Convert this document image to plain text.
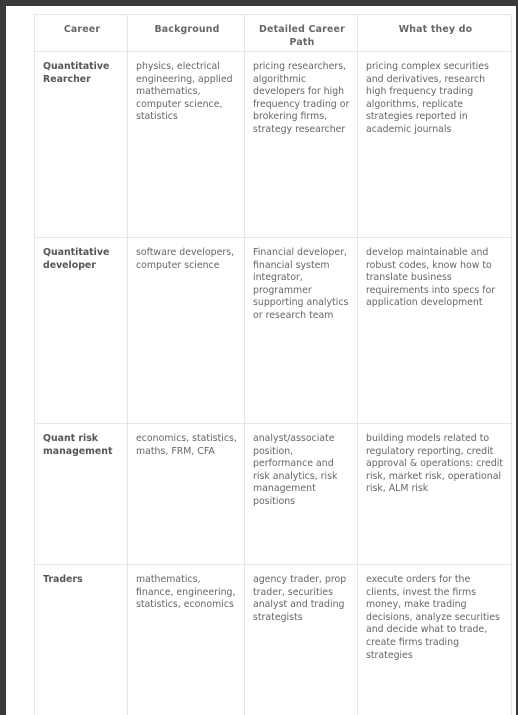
Career	Background	Detailed Career Path	What they do
Quantitative Rearcher	physics, electrical engineering, applied mathematics, computer science, statistics	pricing researchers, algorithmic developers for high frequency trading or brokering firms, strategy researcher	pricing complex securities and derivatives, research high frequency trading algorithms, replicate strategies reported in academic journals
Quantitative developer	software developers, computer science	Financial developer, financial system integrator, programmer supporting analytics or research team	develop maintainable and robust codes, know how to translate business requirements into specs for application development
Quant risk management	economics, statistics, maths, FRM, CFA	analyst/associate position, performance and risk analytics, risk management positions	building models related to regulatory reporting, credit approval & operations: credit risk, market risk, operational risk, ALM risk
Traders	mathematics, finance, engineering, statistics, economics	agency trader, prop trader, securities analyst and trading strategists	execute orders for the clients, invest the firms money, make trading decisions, analyze securities and decide what to trade, create firms trading strategies
